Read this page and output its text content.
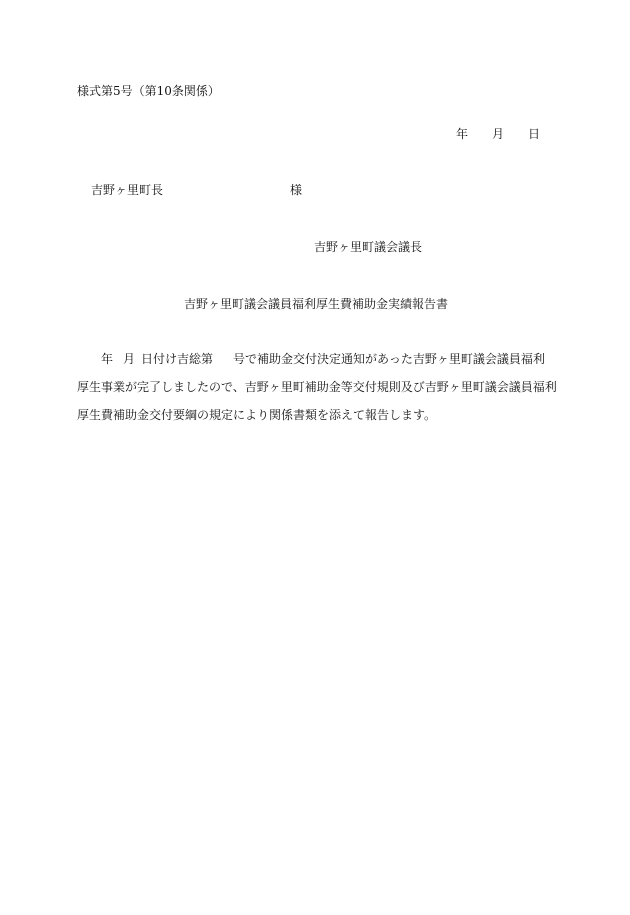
様式第5号（第10条関係）
年 月 日
吉野ヶ里町長	様
吉野ヶ里町議会議長
吉野ヶ里町議会議員福利厚生費補助金実績報告書
年 月 日付け吉総第 号で補助金交付決定通知があった吉野ヶ里町議会議員福利
厚生事業が完了しましたので、吉野ヶ里町補助金等交付規則及び吉野ヶ里町議会議員福利
厚生費補助金交付要綱の規定により関係書類を添えて報告します。
